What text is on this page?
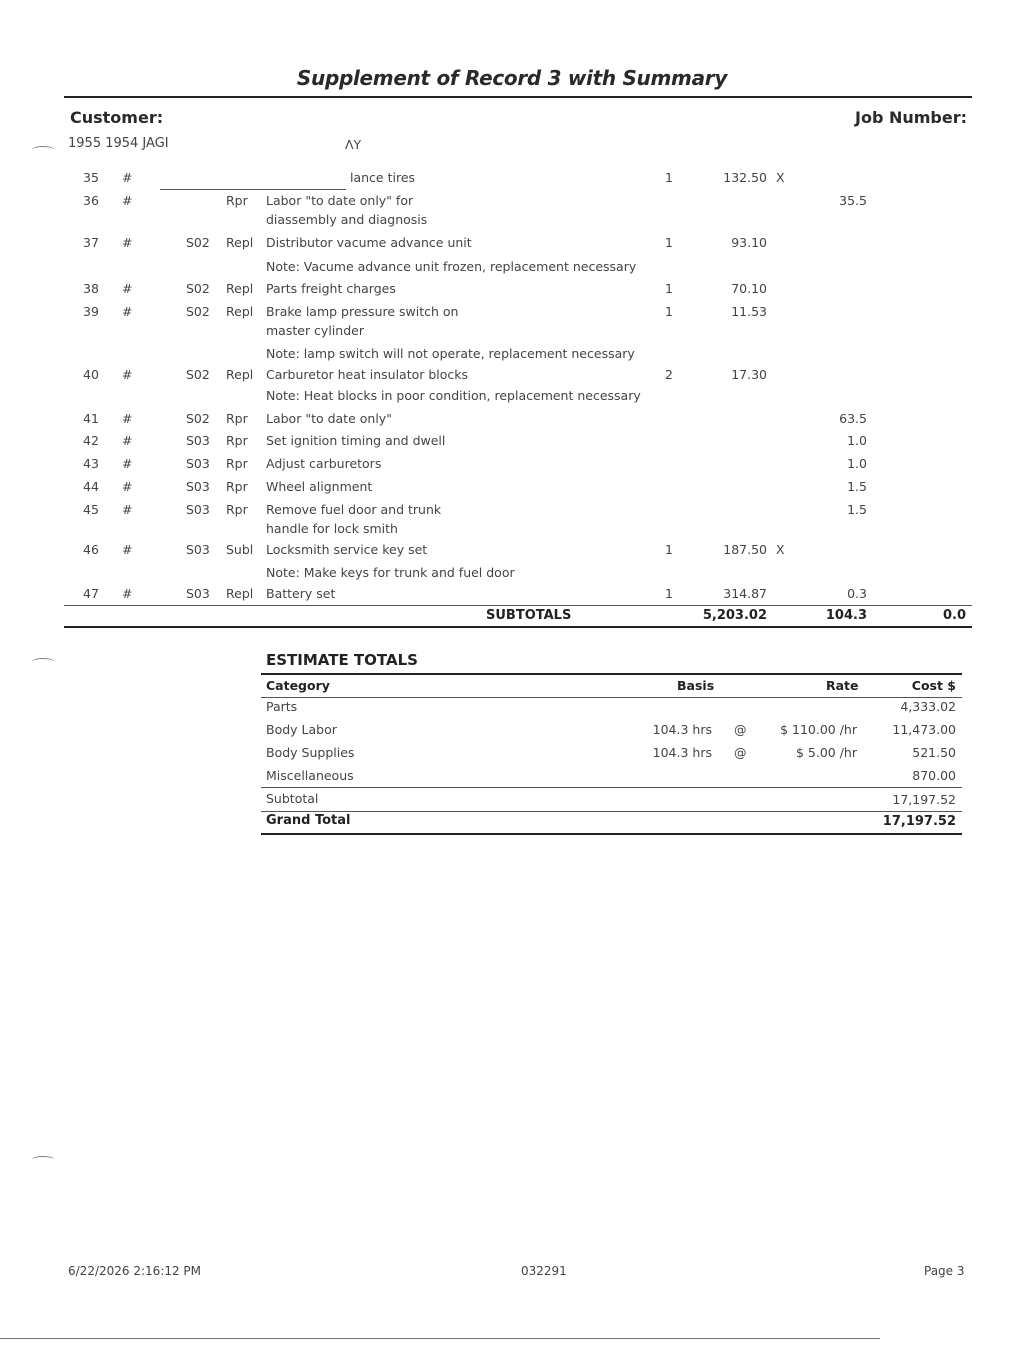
Supplement of Record 3 with Summary
Customer:	Job Number:
1955 1954 JAGI	ΛY
35 #	lance tires	1	132.50 X
36 #	Rpr Labor "to date only" for	35.5
diassembly and diagnosis
37 #	S02 Repl Distributor vacume advance unit	1	93.10
Note: Vacume advance unit frozen, replacement necessary
38 #	S02 Repl Parts freight charges	1	70.10
39 #	S02 Repl Brake lamp pressure switch on	1	11.53
master cylinder
Note: lamp switch will not operate, replacement necessary
40 #	S02 Repl Carburetor heat insulator blocks	2	17.30
Note: Heat blocks in poor condition, replacement necessary
41 #	S02 Rpr Labor "to date only"	63.5
42 #	S03 Rpr Set ignition timing and dwell	1.0
43 #	S03 Rpr Adjust carburetors	1.0
44 #	S03 Rpr Wheel alignment	1.5
45 #	S03 Rpr Remove fuel door and trunk	1.5
handle for lock smith
46 #	S03 Subl Locksmith service key set	1	187.50 X
Note: Make keys for trunk and fuel door
47 #	S03 Repl Battery set	1	314.87	0.3
SUBTOTALS	5,203.02	104.3	0.0
ESTIMATE TOTALS
Category	Basis	Rate	Cost $
Parts	4,333.02
Body Labor	104.3 hrs @	$ 110.00 /hr	11,473.00
Body Supplies	104.3 hrs @	$ 5.00 /hr	521.50
Miscellaneous	870.00
Subtotal	17,197.52
Grand Total	17,197.52
6/22/2026 2:16:12 PM	032291	Page 3
